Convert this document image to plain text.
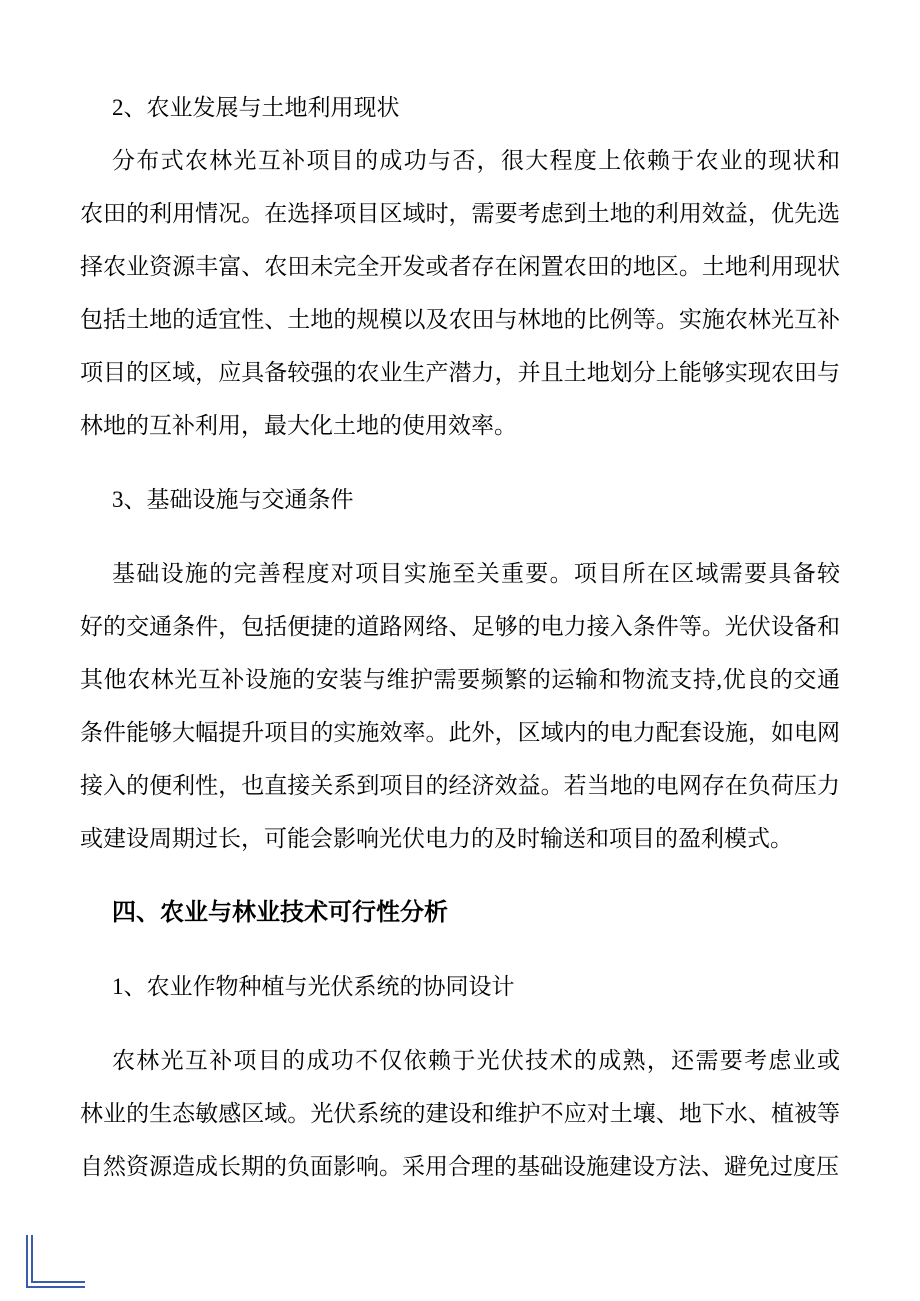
2、农业发展与土地利用现状
分布式农林光互补项目的成功与否，很大程度上依赖于农业的现状和
农田的利用情况。在选择项目区域时，需要考虑到土地的利用效益，优先选
择农业资源丰富、农田未完全开发或者存在闲置农田的地区。土地利用现状
包括土地的适宜性、土地的规模以及农田与林地的比例等。实施农林光互补
项目的区域，应具备较强的农业生产潜力，并且土地划分上能够实现农田与
林地的互补利用，最大化土地的使用效率。
3、基础设施与交通条件
基础设施的完善程度对项目实施至关重要。项目所在区域需要具备较
好的交通条件，包括便捷的道路网络、足够的电力接入条件等。光伏设备和
其他农林光互补设施的安装与维护需要频繁的运输和物流支持,优良的交通
条件能够大幅提升项目的实施效率。此外，区域内的电力配套设施，如电网
接入的便利性，也直接关系到项目的经济效益。若当地的电网存在负荷压力
或建设周期过长，可能会影响光伏电力的及时输送和项目的盈利模式。
四、农业与林业技术可行性分析
1、农业作物种植与光伏系统的协同设计
农林光互补项目的成功不仅依赖于光伏技术的成熟，还需要考虑业或
林业的生态敏感区域。光伏系统的建设和维护不应对土壤、地下水、植被等
自然资源造成长期的负面影响。采用合理的基础设施建设方法、避免过度压
